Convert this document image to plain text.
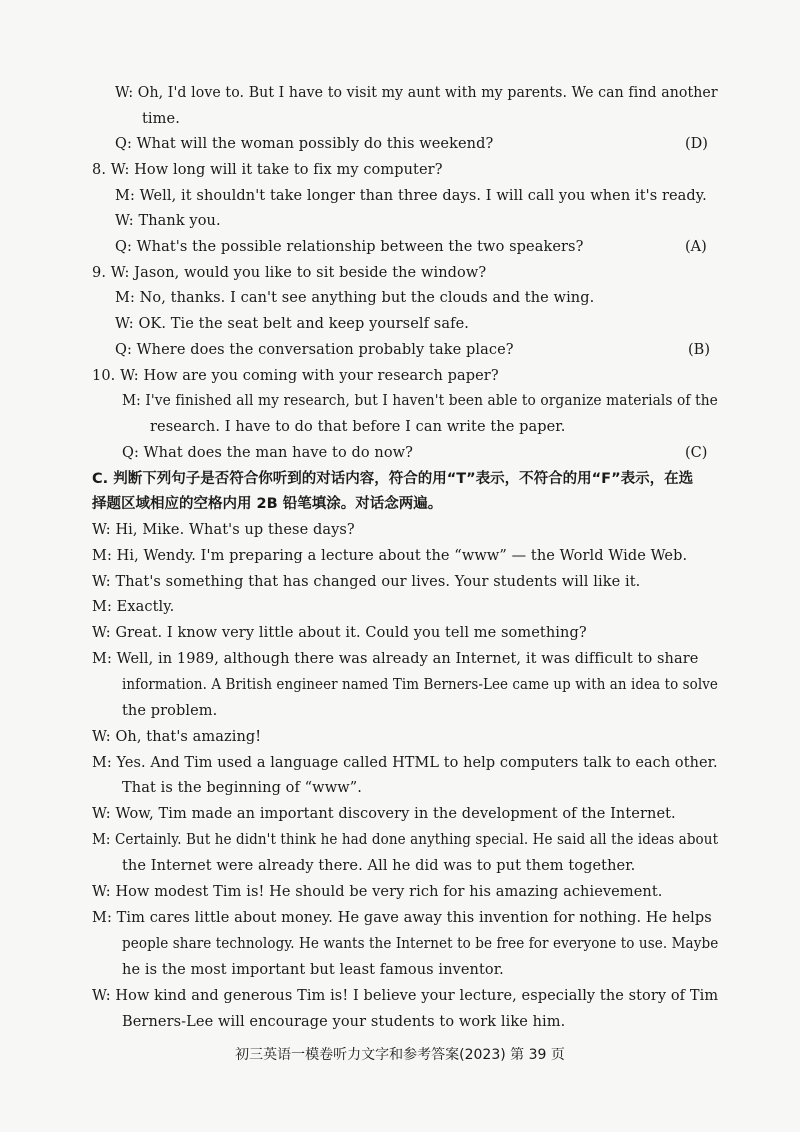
W: Oh, I'd love to. But I have to visit my aunt with my parents. We can find another
time.
Q: What will the woman possibly do this weekend?	(D)
8. W: How long will it take to fix my computer?
M: Well, it shouldn't take longer than three days. I will call you when it's ready.
W: Thank you.
Q: What's the possible relationship between the two speakers?	(A)
9. W: Jason, would you like to sit beside the window?
M: No, thanks. I can't see anything but the clouds and the wing.
W: OK. Tie the seat belt and keep yourself safe.
Q: Where does the conversation probably take place?	(B)
10. W: How are you coming with your research paper?
M: I've finished all my research, but I haven't been able to organize materials of the
research. I have to do that before I can write the paper.
Q: What does the man have to do now?	(C)
C. 判断下列句子是否符合你听到的对话内容，符合的用“T”表示，不符合的用“F”表示，在选
择题区域相应的空格内用 2B 铅笔填涂。对话念两遍。
W: Hi, Mike. What's up these days?
M: Hi, Wendy. I'm preparing a lecture about the “www” — the World Wide Web.
W: That's something that has changed our lives. Your students will like it.
M: Exactly.
W: Great. I know very little about it. Could you tell me something?
M: Well, in 1989, although there was already an Internet, it was difficult to share
information. A British engineer named Tim Berners-Lee came up with an idea to solve
the problem.
W: Oh, that's amazing!
M: Yes. And Tim used a language called HTML to help computers talk to each other.
That is the beginning of “www”.
W: Wow, Tim made an important discovery in the development of the Internet.
M: Certainly. But he didn't think he had done anything special. He said all the ideas about
the Internet were already there. All he did was to put them together.
W: How modest Tim is! He should be very rich for his amazing achievement.
M: Tim cares little about money. He gave away this invention for nothing. He helps
people share technology. He wants the Internet to be free for everyone to use. Maybe
he is the most important but least famous inventor.
W: How kind and generous Tim is! I believe your lecture, especially the story of Tim
Berners-Lee will encourage your students to work like him.
初三英语一模卷听力文字和参考答案(2023) 第 39 页
